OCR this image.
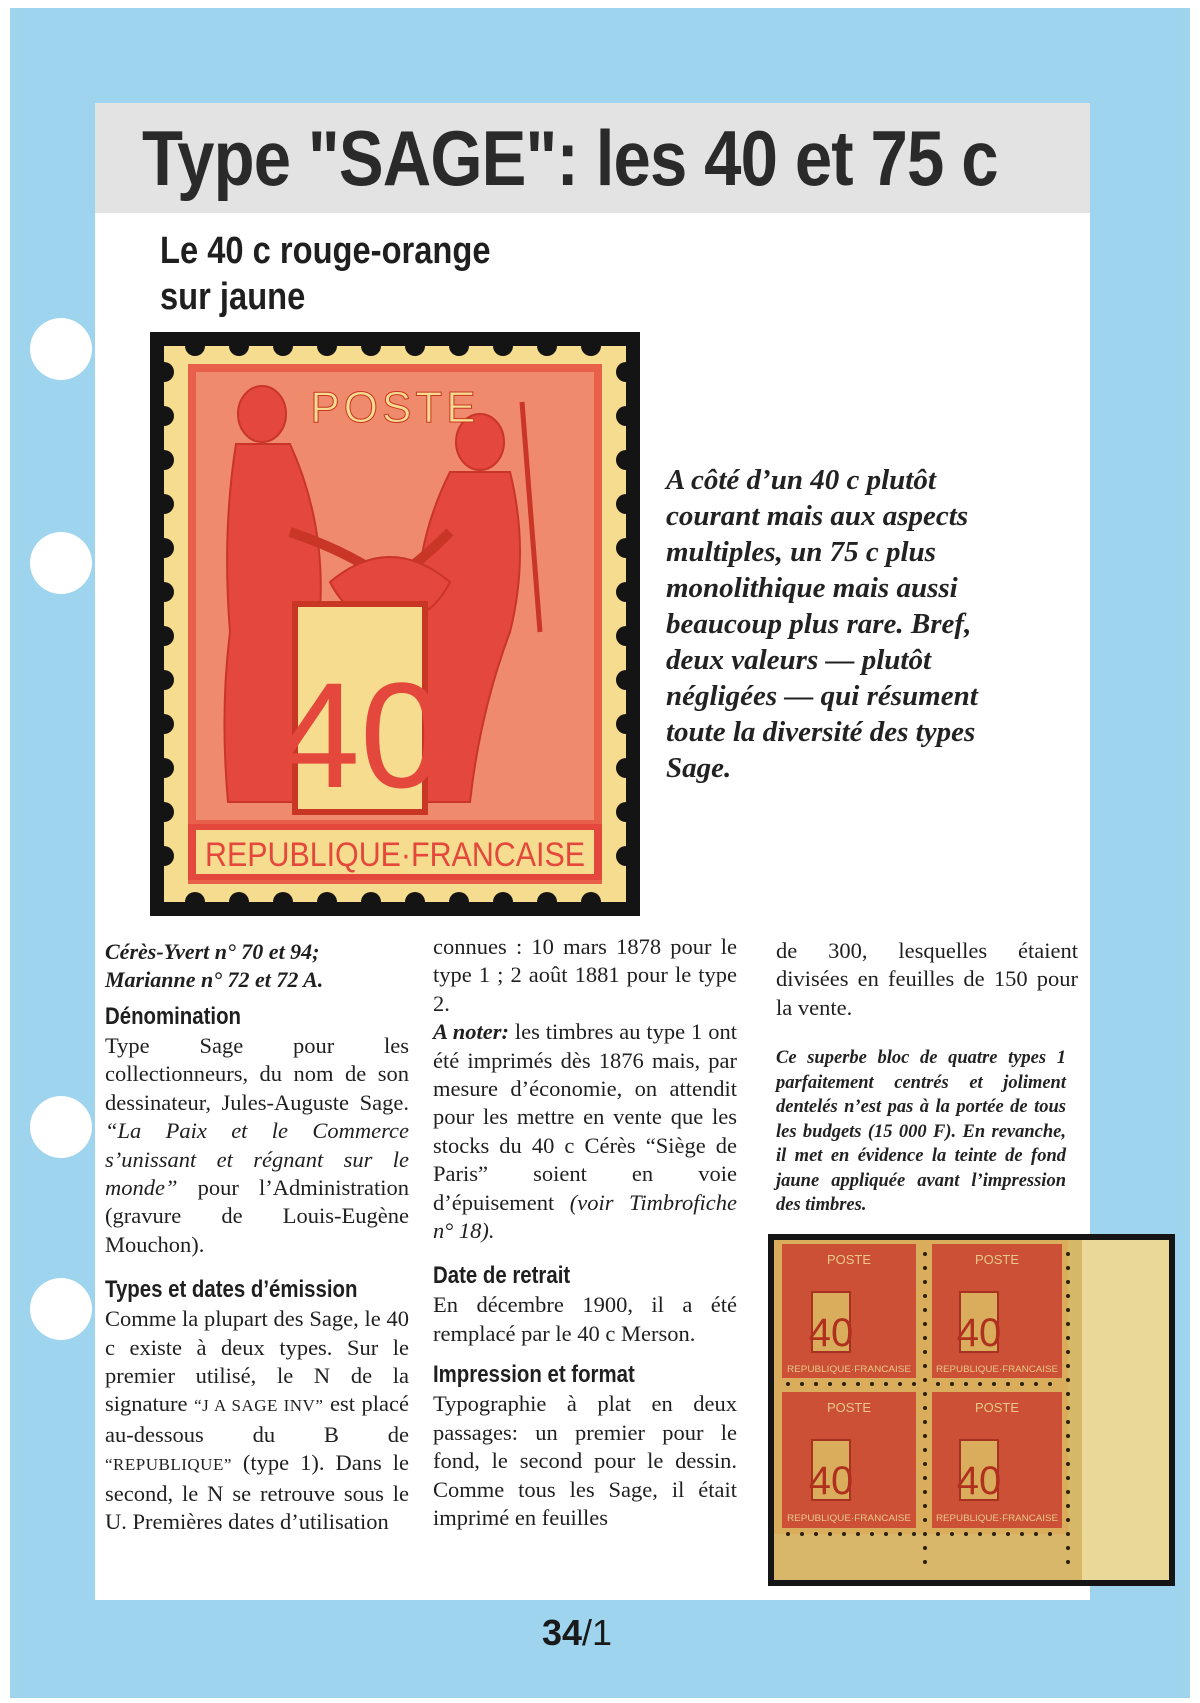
Type "SAGE": les 40 et 75 c
Le 40 c rouge-orange
sur jaune
POSTE
40
REPUBLIQUE·FRANCAISE
A côté d’un 40 c plutôt courant mais aux aspects multiples, un 75 c plus monolithique mais aussi beaucoup plus rare. Bref, deux valeurs — plutôt négligées — qui résument toute la diversité des types Sage.

Cérès-Yvert n° 70 et 94;

Marianne n° 72 et 72 A.

Dénomination

Type Sage pour les collectionneurs, du nom de son dessinateur, Jules-Auguste Sage. “La Paix et le Commerce s’unissant et régnant sur le monde” pour l’Administration (gravure de Louis-Eugène Mouchon).

Types et dates d’émission

Comme la plupart des Sage, le 40 c existe à deux types. Sur le premier utilisé, le N de la signature “J A SAGE INV” est placé au-dessous du B de “REPUBLIQUE” (type 1). Dans le second, le N se retrouve sous le U. Premières dates d’utilisation

connues : 10 mars 1878 pour le type 1 ; 2 août 1881 pour le type 2.

A noter: les timbres au type 1 ont été imprimés dès 1876 mais, par mesure d’économie, on attendit pour les mettre en vente que les stocks du 40 c Cérès “Siège de Paris” soient en voie d’épuisement (voir Timbrofiche n° 18).

Date de retrait

En décembre 1900, il a été remplacé par le 40 c Merson.

Impression et format

Typographie à plat en deux passages: un premier pour le fond, le second pour le dessin. Comme tous les Sage, il était imprimé en feuilles

de 300, lesquelles étaient divisées en feuilles de 150 pour la vente.

Ce superbe bloc de quatre types 1 parfaitement centrés et joliment dentelés n’est pas à la portée de tous les budgets (15 000 F). En revanche, il met en évidence la teinte de fond jaune appliquée avant l’impression des timbres.
POSTE
40
REPUBLIQUE·FRANCAISE
POSTE
40
REPUBLIQUE·FRANCAISE
POSTE
40
REPUBLIQUE·FRANCAISE
POSTE
40
REPUBLIQUE·FRANCAISE
34/1
